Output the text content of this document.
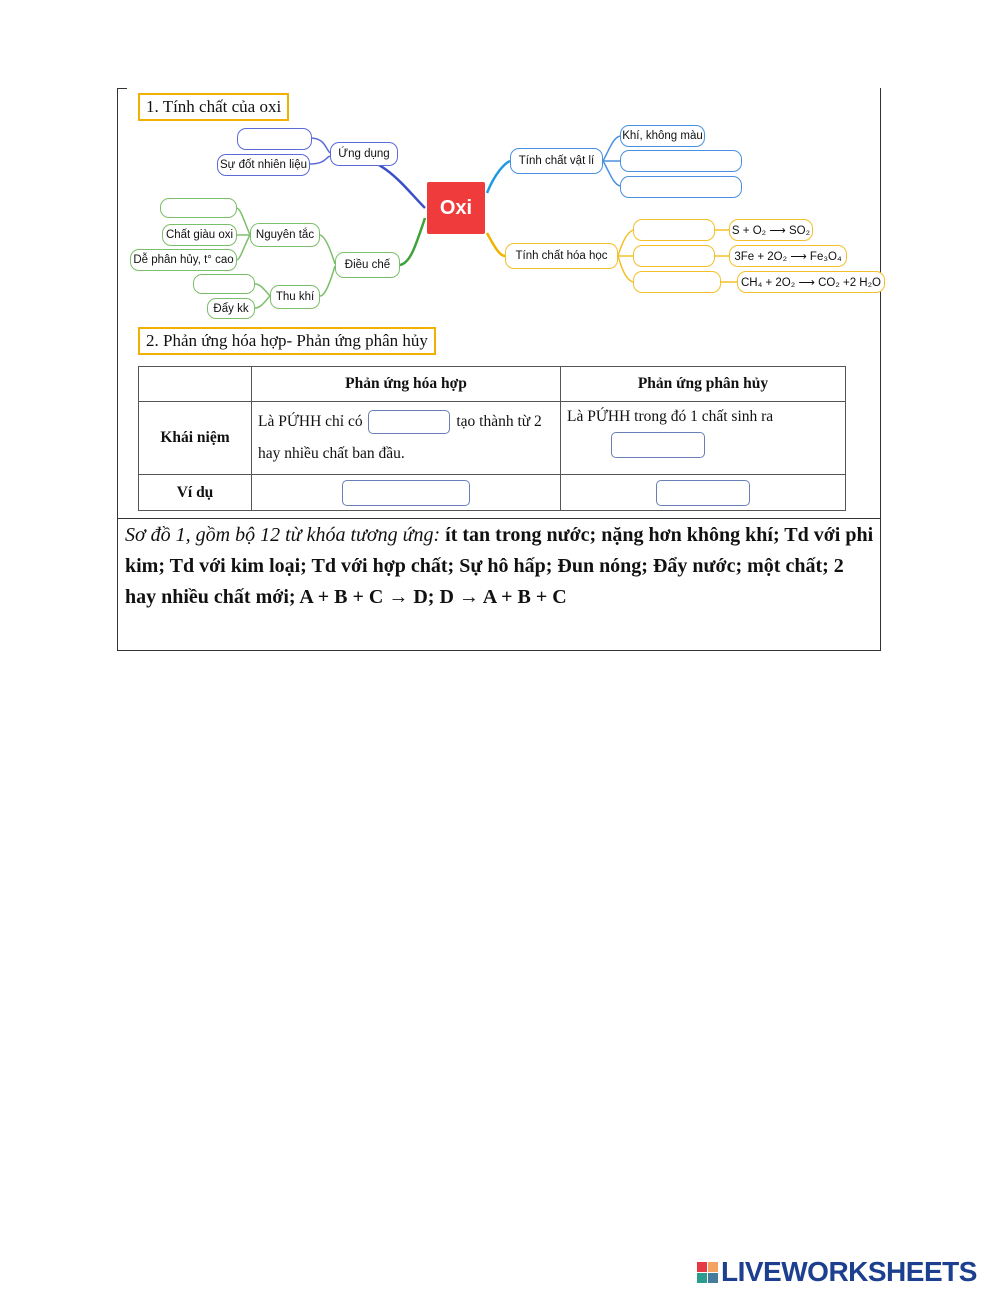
1. Tính chất của oxi
Oxi
Ứng dụng
Sự đốt nhiên liệu
Điều chế
Nguyên tắc
Chất giàu oxi
Dễ phân hủy, t° cao
Thu khí
Đẩy kk
Tính chất vật lí
Khí, không màu
Tính chất hóa học
S + O₂ ⟶ SO₂
3Fe + 2O₂ ⟶ Fe₃O₄
CH₄ + 2O₂ ⟶ CO₂ +2 H₂O
2. Phản ứng hóa hợp- Phản ứng phân hủy
	Phản ứng hóa hợp	Phản ứng phân hủy
Khái niệm	Là PỨHH chỉ có tạo thành từ 2 hay nhiều chất ban đầu.	Là PỨHH trong đó 1 chất sinh ra

Ví dụ		
Sơ đồ 1, gồm bộ 12 từ khóa tương ứng: ít tan trong nước; nặng hơn không khí; Td với phi kim; Td với kim loại; Td với hợp chất; Sự hô hấp; Đun nóng; Đẩy nước; một chất; 2 hay nhiều chất mới; A + B + C → D; D → A + B + C
LIVEWORKSHEETS
